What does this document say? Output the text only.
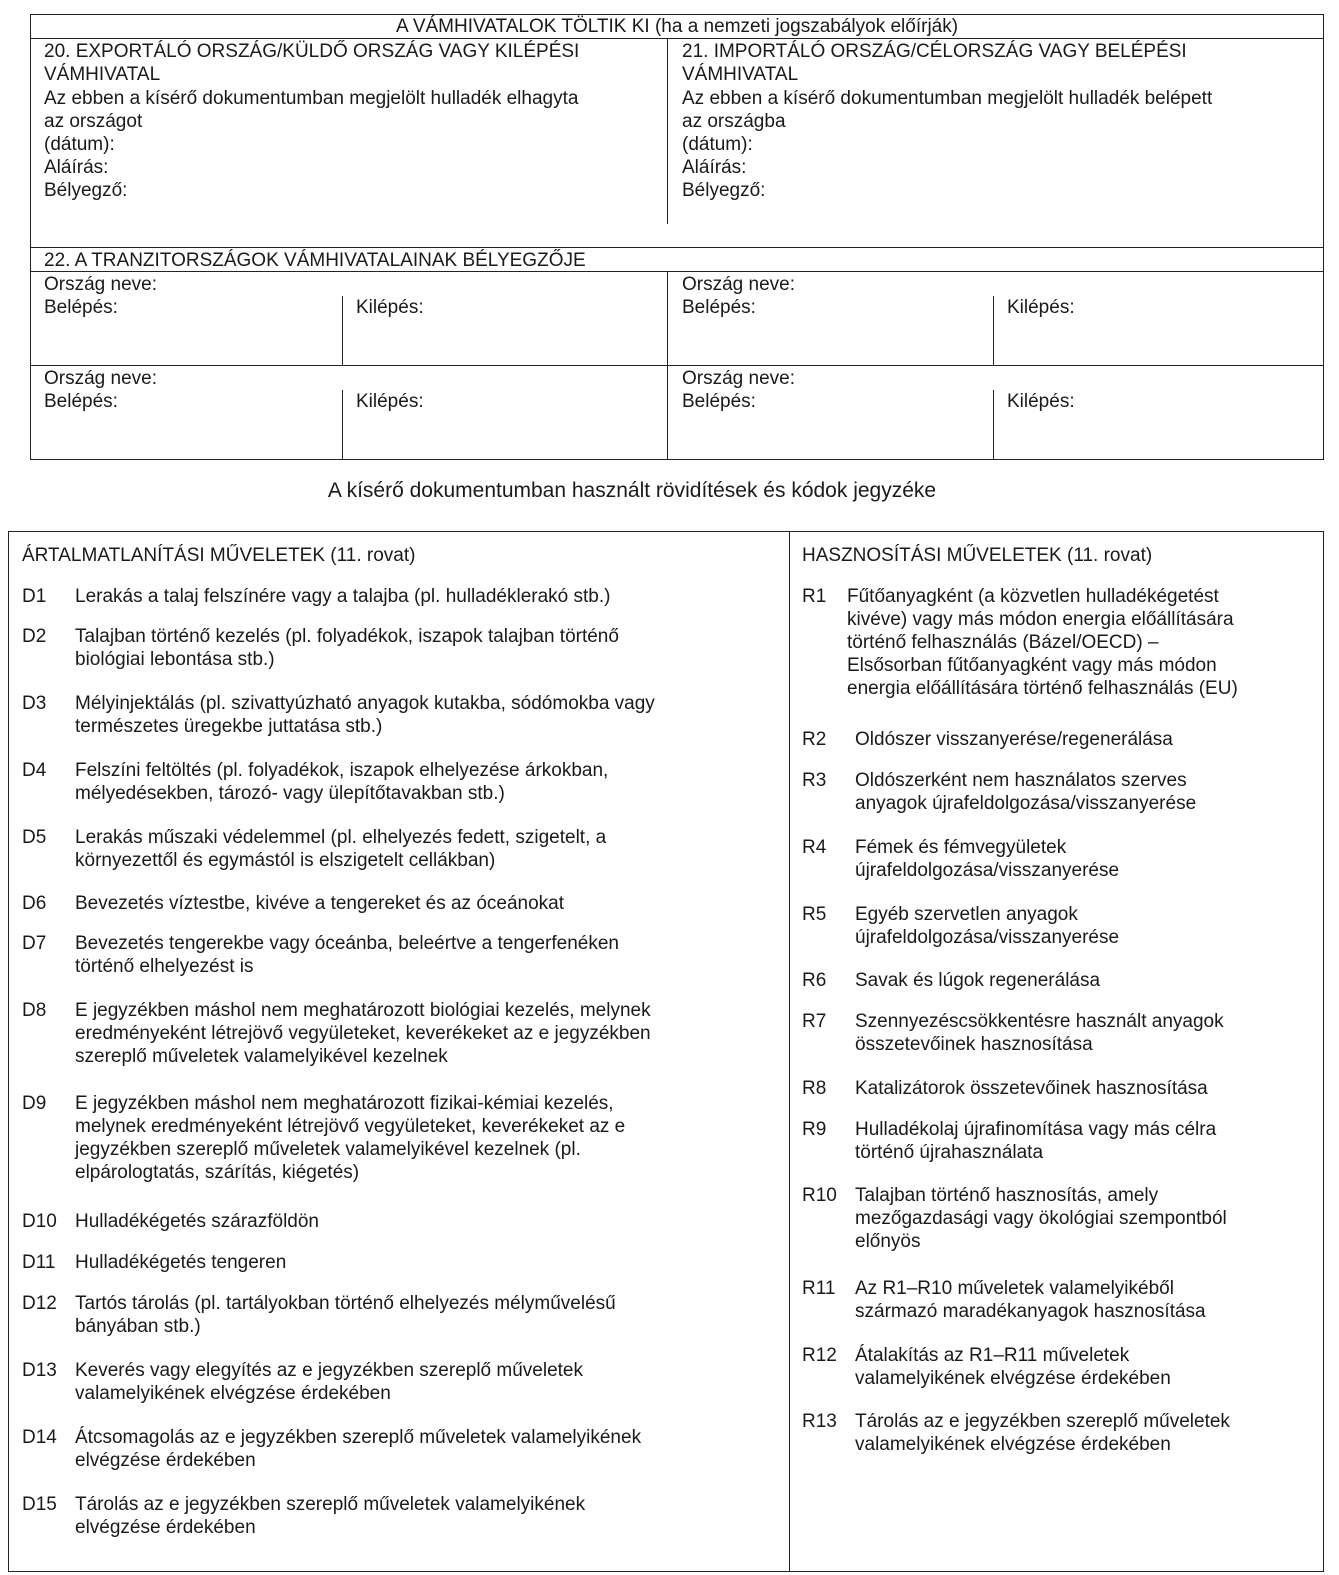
A VÁMHIVATALOK TÖLTIK KI (ha a nemzeti jogszabályok előírják)
20. EXPORTÁLÓ ORSZÁG/KÜLDŐ ORSZÁG VAGY KILÉPÉSI
VÁMHIVATAL
Az ebben a kísérő dokumentumban megjelölt hulladék elhagyta
az országot
(dátum):
Aláírás:
Bélyegző:
21. IMPORTÁLÓ ORSZÁG/CÉLORSZÁG VAGY BELÉPÉSI
VÁMHIVATAL
Az ebben a kísérő dokumentumban megjelölt hulladék belépett
az országba
(dátum):
Aláírás:
Bélyegző:
22. A TRANZITORSZÁGOK VÁMHIVATALAINAK BÉLYEGZŐJE
Ország neve:
Belépés:	Kilépés:
Ország neve:
Belépés:	Kilépés:
Ország neve:
Belépés:	Kilépés:
Ország neve:
Belépés:	Kilépés:
A kísérő dokumentumban használt rövidítések és kódok jegyzéke
ÁRTALMATLANÍTÁSI MŰVELETEK (11. rovat)
D1	Lerakás a talaj felszínére vagy a talajba (pl. hulladéklerakó stb.)
D2	Talajban történő kezelés (pl. folyadékok, iszapok talajban történő
biológiai lebontása stb.)
D3	Mélyinjektálás (pl. szivattyúzható anyagok kutakba, sódómokba vagy
természetes üregekbe juttatása stb.)
D4	Felszíni feltöltés (pl. folyadékok, iszapok elhelyezése árkokban,
mélyedésekben, tározó- vagy ülepítőtavakban stb.)
D5	Lerakás műszaki védelemmel (pl. elhelyezés fedett, szigetelt, a
környezettől és egymástól is elszigetelt cellákban)
D6	Bevezetés víztestbe, kivéve a tengereket és az óceánokat
D7	Bevezetés tengerekbe vagy óceánba, beleértve a tengerfenéken
történő elhelyezést is
D8	E jegyzékben máshol nem meghatározott biológiai kezelés, melynek
eredményeként létrejövő vegyületeket, keverékeket az e jegyzékben
szereplő műveletek valamelyikével kezelnek
D9	E jegyzékben máshol nem meghatározott fizikai-kémiai kezelés,
melynek eredményeként létrejövő vegyületeket, keverékeket az e
jegyzékben szereplő műveletek valamelyikével kezelnek (pl.
elpárologtatás, szárítás, kiégetés)
D10 Hulladékégetés szárazföldön
D11	Hulladékégetés tengeren
D12 Tartós tárolás (pl. tartályokban történő elhelyezés mélyművelésű
bányában stb.)
D13 Keverés vagy elegyítés az e jegyzékben szereplő műveletek
valamelyikének elvégzése érdekében
D14 Átcsomagolás az e jegyzékben szereplő műveletek valamelyikének
elvégzése érdekében
D15 Tárolás az e jegyzékben szereplő műveletek valamelyikének
elvégzése érdekében
HASZNOSÍTÁSI MŰVELETEK (11. rovat)
R1	Fűtőanyagként (a közvetlen hulladékégetést
kivéve) vagy más módon energia előállítására
történő felhasználás (Bázel/OECD) –
Elsősorban fűtőanyagként vagy más módon
energia előállítására történő felhasználás (EU)
R2	Oldószer visszanyerése/regenerálása
R3	Oldószerként nem használatos szerves
anyagok újrafeldolgozása/visszanyerése
R4	Fémek és fémvegyületek
újrafeldolgozása/visszanyerése
R5	Egyéb szervetlen anyagok
újrafeldolgozása/visszanyerése
R6	Savak és lúgok regenerálása
R7	Szennyezéscsökkentésre használt anyagok
összetevőinek hasznosítása
R8	Katalizátorok összetevőinek hasznosítása
R9	Hulladékolaj újrafinomítása vagy más célra
történő újrahasználata
R10 Talajban történő hasznosítás, amely
mezőgazdasági vagy ökológiai szempontból
előnyös
R11	Az R1–R10 műveletek valamelyikéből
származó maradékanyagok hasznosítása
R12 Átalakítás az R1–R11 műveletek
valamelyikének elvégzése érdekében
R13 Tárolás az e jegyzékben szereplő műveletek
valamelyikének elvégzése érdekében
